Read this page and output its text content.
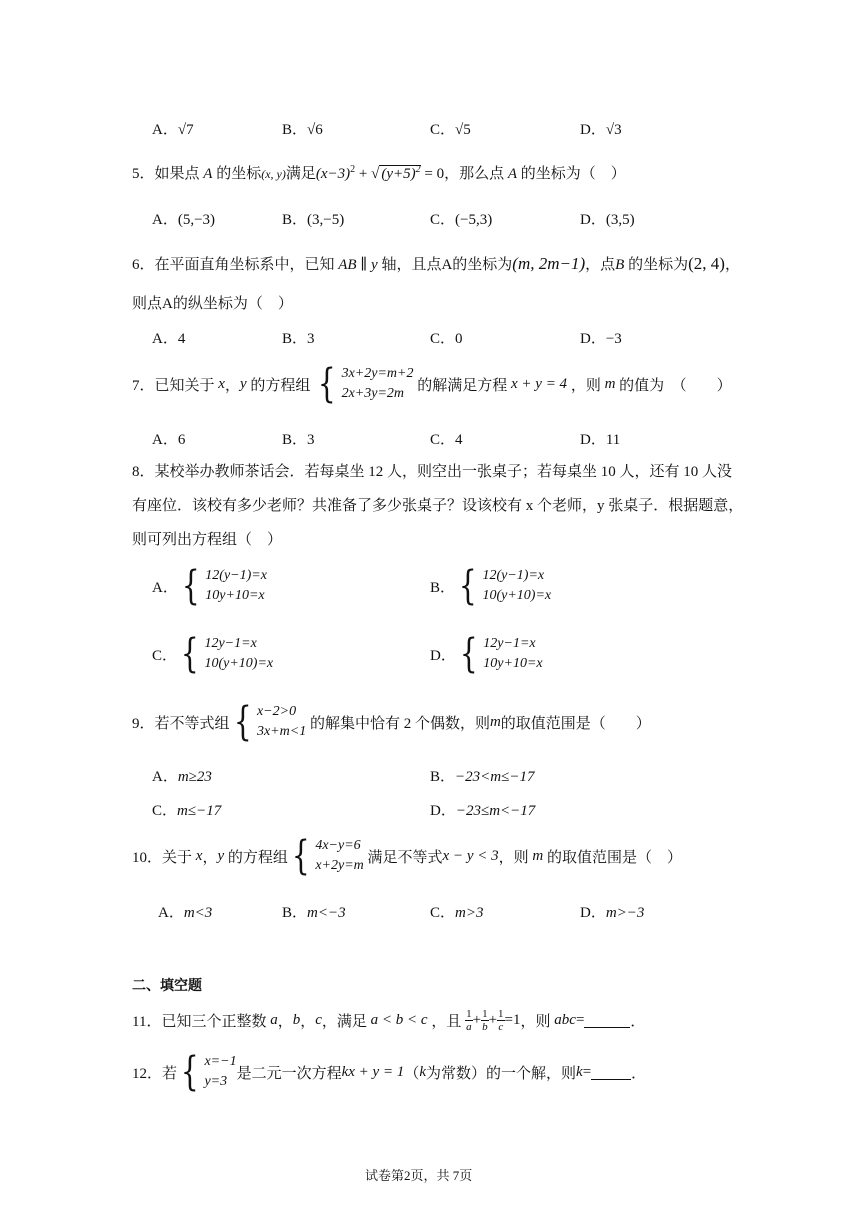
A．√7	B．√6	C．√5	D．√3
5．如果点 A 的坐标(x, y)满足$(x-3)^2$ + √ $(y+5)^2 = 0$，那么点 A 的坐标为（　）
A．(5,−3)	B．(3,−5)	C．(−5,3)	D．(3,5)
6．在平面直角坐标系中，已知 AB ∥ y 轴，且点A的坐标为(m, 2m−1)，点B 的坐标为(2, 4)，
则点A的纵坐标为（　）
A．4	B．3	C．0	D．−3
7．已知关于
x ， y
的方程组
{ 3x+2y=m+2
2x+3y=2m
的解满足方程
x + y = 4
，则
m
的值为　（　　）
A．6	B．3	C．4	D．11
8．某校举办教师茶话会．若每桌坐 12 人，则空出一张桌子；若每桌坐 10 人，还有 10 人没
有座位．该校有多少老师？共准备了多少张桌子？设该校有 x 个老师，y 张桌子．根据题意，
则可列出方程组（　）
A． { 12(y−1)=x
10y+10=x	B． { 12(y−1)=x
10(y+10)=x
C． { 12y−1=x
10(y+10)=x	D． { 12y−1=x
10y+10=x
9．若不等式组 { x−2>0
3x+m<1
的解集中恰有 2 个偶数，则 m 的取值范围是（　　）
A．m≥23	B．−23<m≤−17
C．m≤−17	D．−23≤m<−17
10．关于
x ， y
的方程组 { 4x−y=6
x+2y=m
满足不等式 x − y < 3 ，则
m
的取值范围是（　）
A．m<3	B．m<−3	C．m>3	D．m>−3
二、填空题
11．已知三个正整数
a ， b ， c ，满足
a < b < c
，且
$\frac{1}{a} + \frac{1}{b} + \frac{1}{c} =1$ ，则
abc =	．
12．若 { x=−1
y=3 是二元一次方程 kx + y = 1 （ k 为常数）的一个解，则 k =	．
试卷第2页，共 7页
